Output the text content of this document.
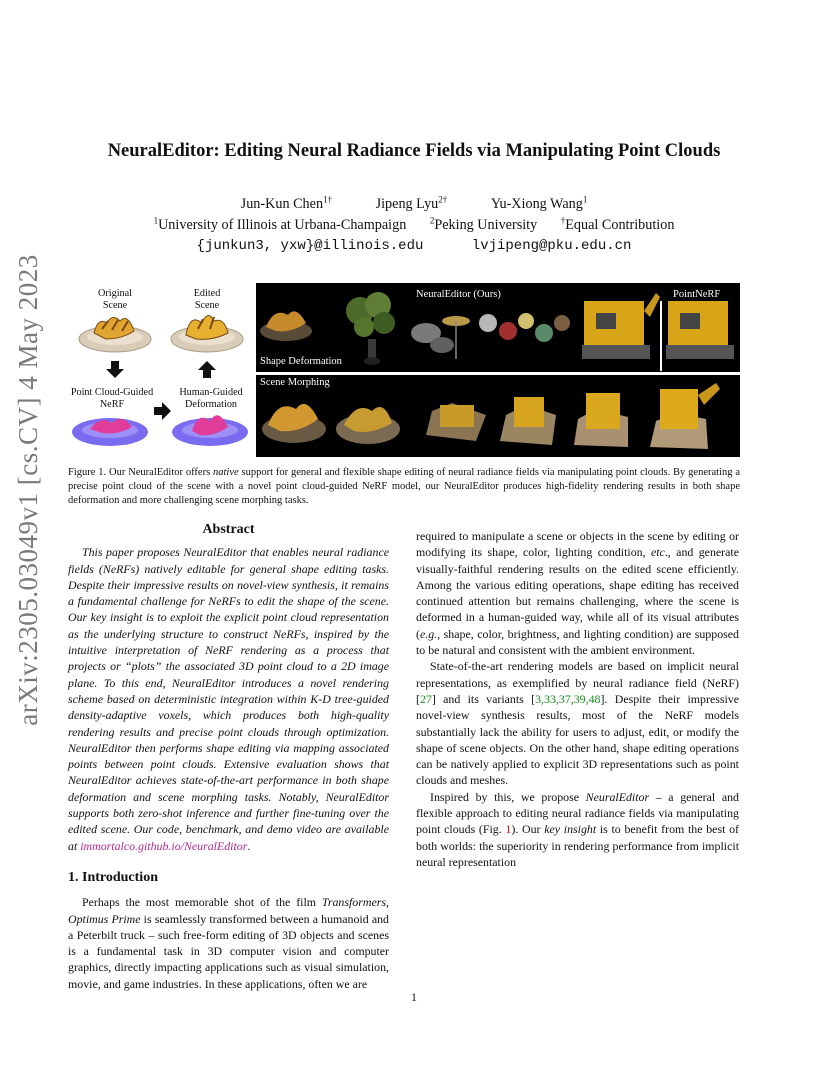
arXiv:2305.03049v1 [cs.CV] 4 May 2023
NeuralEditor: Editing Neural Radiance Fields via Manipulating Point Clouds
Jun-Kun Chen$^{1\dagger}$	Jipeng Lyu$^{2\dagger}$	Yu-Xiong Wang$^1$
$^1$University of Illinois at Urbana-Champaign	$^2$Peking University	†Equal Contribution
{junkun3, yxw}@illinois.edu	lvjipeng@pku.edu.cn
Original
Scene
Edited
Scene
Point Cloud-Guided
NeRF
Human-Guided
Deformation
NeuralEditor (Ours)	PointNeRF
Shape Deformation
Scene Morphing
Figure 1. Our NeuralEditor offers native support for general and flexible shape editing of neural radiance fields via manipulating point clouds. By generating a precise point cloud of the scene with a novel point cloud-guided NeRF model, our NeuralEditor produces high-fidelity rendering results in both shape deformation and more challenging scene morphing tasks.
Abstract

This paper proposes NeuralEditor that enables neural radiance fields (NeRFs) natively editable for general shape editing tasks. Despite their impressive results on novel-view synthesis, it remains a fundamental challenge for NeRFs to edit the shape of the scene. Our key insight is to exploit the explicit point cloud representation as the underlying structure to construct NeRFs, inspired by the intuitive interpretation of NeRF rendering as a process that projects or “plots” the associated 3D point cloud to a 2D image plane. To this end, NeuralEditor introduces a novel rendering scheme based on deterministic integration within K-D tree-guided density-adaptive voxels, which produces both high-quality rendering results and precise point clouds through optimization. NeuralEditor then performs shape editing via mapping associated points between point clouds. Extensive evaluation shows that NeuralEditor achieves state-of-the-art performance in both shape deformation and scene morphing tasks. Notably, NeuralEditor supports both zero-shot inference and further fine-tuning over the edited scene. Our code, benchmark, and demo video are available at immortalco.github.io/NeuralEditor.

1. Introduction

Perhaps the most memorable shot of the film Transformers, Optimus Prime is seamlessly transformed between a humanoid and a Peterbilt truck – such free-form editing of 3D objects and scenes is a fundamental task in 3D computer vision and computer graphics, directly impacting applications such as visual simulation, movie, and game industries. In these applications, often we are

required to manipulate a scene or objects in the scene by editing or modifying its shape, color, lighting condition, etc., and generate visually-faithful rendering results on the edited scene efficiently. Among the various editing operations, shape editing has received continued attention but remains challenging, where the scene is deformed in a human-guided way, while all of its visual attributes (e.g., shape, color, brightness, and lighting condition) are supposed to be natural and consistent with the ambient environment.

State-of-the-art rendering models are based on implicit neural representations, as exemplified by neural radiance field (NeRF) [27] and its variants [3,33,37,39,48]. Despite their impressive novel-view synthesis results, most of the NeRF models substantially lack the ability for users to adjust, edit, or modify the shape of scene objects. On the other hand, shape editing operations can be natively applied to explicit 3D representations such as point clouds and meshes.

Inspired by this, we propose NeuralEditor – a general and flexible approach to editing neural radiance fields via manipulating point clouds (Fig. 1). Our key insight is to benefit from the best of both worlds: the superiority in rendering performance from implicit neural representation

1
